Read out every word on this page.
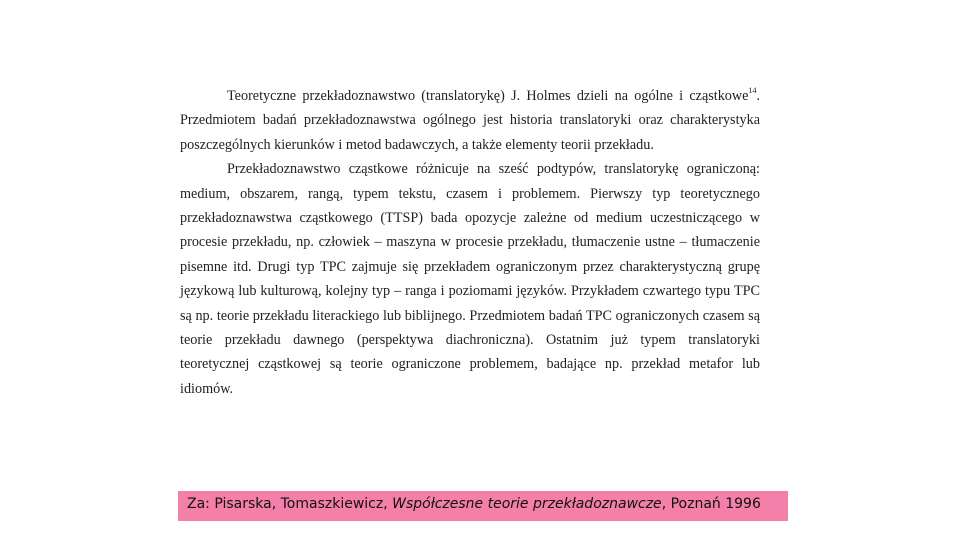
Teoretyczne przekładoznawstwo (translatorykę) J. Holmes dzieli na ogólne i cząstkowe$^{14}$. Przedmiotem badań przekładoznawstwa ogólnego jest historia translatoryki oraz charakterystyka poszczególnych kierunków i metod badawczych, a także elementy teorii przekładu.

Przekładoznawstwo cząstkowe różnicuje na sześć podtypów, translatorykę ograniczoną: medium, obszarem, rangą, typem tekstu, czasem i problemem. Pierwszy typ teoretycznego przekładoznawstwa cząstkowego (TTSP) bada opozycje zależne od medium uczestniczącego w procesie przekładu, np. człowiek – maszyna w procesie przekładu, tłumaczenie ustne – tłumaczenie pisemne itd. Drugi typ TPC zajmuje się przekładem ograniczonym przez charakterystyczną grupę językową lub kulturową, kolejny typ – ranga i poziomami języków. Przykładem czwartego typu TPC są np. teorie przekładu literackiego lub biblijnego. Przedmiotem badań TPC ograniczonych czasem są teorie przekładu dawnego (perspektywa diachroniczna). Ostatnim już typem translatoryki teoretycznej cząstkowej są teorie ograniczone problemem, badające np. przekład metafor lub idiomów.

Za: Pisarska, Tomaszkiewicz, Współczesne teorie przekładoznawcze, Poznań 1996
